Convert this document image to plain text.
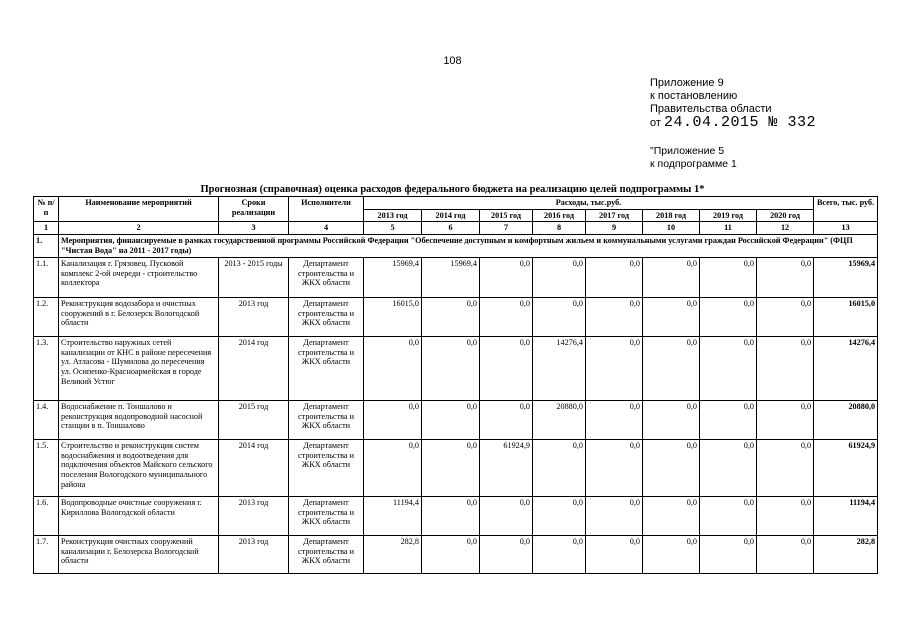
108
Приложение 9
к постановлению
Правительства области
от 24.04.2015 № 332
"Приложение 5
к подпрограмме 1
Прогнозная (справочная) оценка расходов федерального бюджета на реализацию целей подпрограммы 1*
№ п/п	Наименование мероприятий	Сроки реализации	Исполнители	Расходы, тыс.руб.								Всего, тыс. руб.
				2013 год	2014 год	2015 год	2016 год	2017 год	2018 год	2019 год	2020 год	
1	2	3	4	5	6	7	8	9	10	11	12	13
1.	Мероприятия, финансируемые в рамках государственной программы Российской Федерации "Обеспечение доступным и комфортным жильем и коммунальными услугами граждан Российской Федерации" (ФЦП "Чистая Вода" на 2011 - 2017 годы)											
1.1.	Канализация г. Грязовец. Пусковой комплекс 2-ой очереди - строительство коллектора	2013 - 2015 годы	Департамент строительства и ЖКХ области	15969,4	15969,4	0,0	0,0	0,0	0,0	0,0	0,0	15969,4
1.2.	Реконструкция водозабора и очистных сооружений в г. Белозерск Вологодской области	2013 год	Департамент строительства и ЖКХ области	16015,0	0,0	0,0	0,0	0,0	0,0	0,0	0,0	16015,0
1.3.	Строительство наружных сетей канализации от КНС в районе пересечения ул. Атласова - Шумилова до пересечения ул. Осипенко-Красноармейская в городе Великий Устюг	2014 год	Департамент строительства и ЖКХ области	0,0	0,0	0,0	14276,4	0,0	0,0	0,0	0,0	14276,4
1.4.	Водоснабжение п. Тоншалово и реконструкция водопроводной насосной станции в п. Тоншалово	2015 год	Департамент строительства и ЖКХ области	0,0	0,0	0,0	20880,0	0,0	0,0	0,0	0,0	20880,0
1.5.	Строительство и реконструкция систем водоснабжения и водоотведения для подключения объектов Майского сельского поселения Вологодского муниципального района	2014 год	Департамент строительства и ЖКХ области	0,0	0,0	61924,9	0,0	0,0	0,0	0,0	0,0	61924,9
1.6.	Водопроводные очистные сооружения г. Кириллова Вологодской области	2013 год	Департамент строительства и ЖКХ области	11194,4	0,0	0,0	0,0	0,0	0,0	0,0	0,0	11194,4
1.7.	Реконструкция очистных сооружений канализации г. Белозерска Вологодской области	2013 год	Департамент строительства и ЖКХ области	282,8	0,0	0,0	0,0	0,0	0,0	0,0	0,0	282,8
